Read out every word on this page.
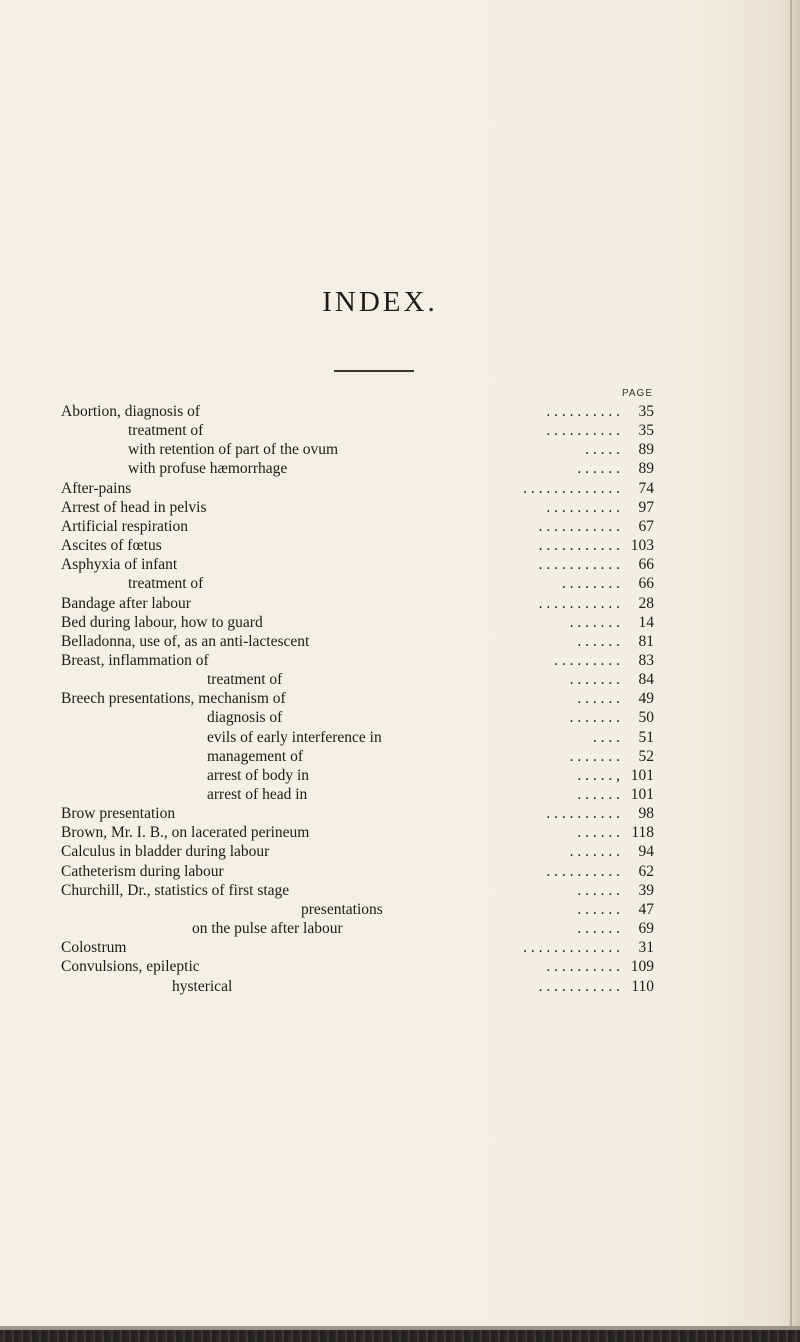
INDEX.
PAGE
Abortion, diagnosis of	. . . . . . . . . . 35
treatment of	. . . . . . . . . . 35
with retention of part of the ovum	. . . . . 89
with profuse hæmorrhage	. . . . . . 89
After-pains	. . . . . . . . . . . . . 74
Arrest of head in pelvis	. . . . . . . . . . 97
Artificial respiration	. . . . . . . . . . . 67
Ascites of fœtus	. . . . . . . . . . . 103
Asphyxia of infant	. . . . . . . . . . . 66
treatment of	. . . . . . . . 66
Bandage after labour	. . . . . . . . . . . 28
Bed during labour, how to guard	. . . . . . . 14
Belladonna, use of, as an anti-lactescent	. . . . . . 81
Breast, inflammation of	. . . . . . . . . 83
treatment of	. . . . . . . 84
Breech presentations, mechanism of	. . . . . . 49
diagnosis of	. . . . . . . 50
evils of early interference in	. . . . 51
management of	. . . . . . . 52
arrest of body in	. . . . . , 101
arrest of head in	. . . . . . 101
Brow presentation	. . . . . . . . . . 98
Brown, Mr. I. B., on lacerated perineum	. . . . . . 118
Calculus in bladder during labour	. . . . . . . 94
Catheterism during labour	. . . . . . . . . . 62
Churchill, Dr., statistics of first stage	. . . . . . 39
presentations	. . . . . . 47
on the pulse after labour	. . . . . . 69
Colostrum	. . . . . . . . . . . . . 31
Convulsions, epileptic	. . . . . . . . . . 109
hysterical	. . . . . . . . . . . 110
